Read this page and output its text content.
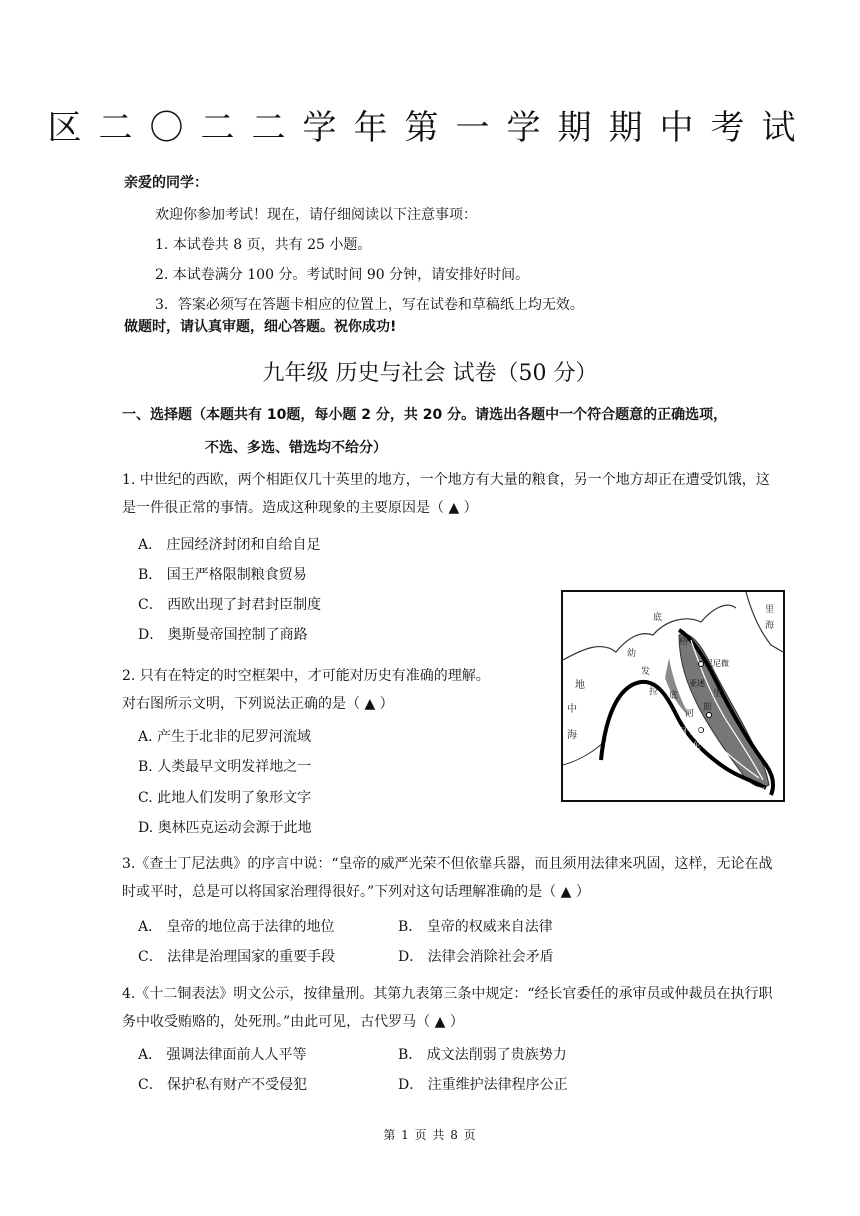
区二〇二二学年第一学期期中考试
亲爱的同学：
欢迎你参加考试！现在，请仔细阅读以下注意事项：
1. 本试卷共 8 页，共有 25 小题。
2. 本试卷满分 100 分。考试时间 90 分钟，请安排好时间。
3．答案必须写在答题卡相应的位置上，写在试卷和草稿纸上均无效。
做题时，请认真审题，细心答题。祝你成功!
九年级 历史与社会 试卷（50 分）
一、选择题（本题共有 10题，每小题 2 分，共 20 分。请选出各题中一个符合题意的正确选项，
不选、多选、错选均不给分）
1. 中世纪的西欧，两个相距仅几十英里的地方，一个地方有大量的粮食，另一个地方却正在遭受饥饿，这是一件很正常的事情。造成这种现象的主要原因是（ ▲ ）
A． 庄园经济封闭和自给自足
B． 国王严格限制粮食贸易
C． 西欧出现了封君封臣制度
D． 奥斯曼帝国控制了商路
2. 只有在特定的时空框架中，才可能对历史有准确的理解。对右图所示文明，下列说法正确的是（ ▲ ）
A. 产生于北非的尼罗河流域
B. 人类最早文明发祥地之一
C. 此地人们发明了象形文字
D. 奥林匹克运动会源于此地
里
海
地
中
海
底
格
幼
发
拉 底
河
尼尼微
亚述
里
斯
阿卡德
巴比伦
河
3.《查士丁尼法典》的序言中说：“皇帝的威严光荣不但依靠兵器，而且须用法律来巩固，这样，无论在战时或平时，总是可以将国家治理得很好。”下列对这句话理解准确的是（ ▲ ）
A． 皇帝的地位高于法律的地位	B． 皇帝的权威来自法律
C． 法律是治理国家的重要手段	D． 法律会消除社会矛盾
4.《十二铜表法》明文公示，按律量刑。其第九表第三条中规定：“经长官委任的承审员或仲裁员在执行职务中收受贿赂的，处死刑。”由此可见，古代罗马（ ▲ ）
A． 强调法律面前人人平等	B． 成文法削弱了贵族势力
C． 保护私有财产不受侵犯	D． 注重维护法律程序公正
第 1 页 共 8 页
